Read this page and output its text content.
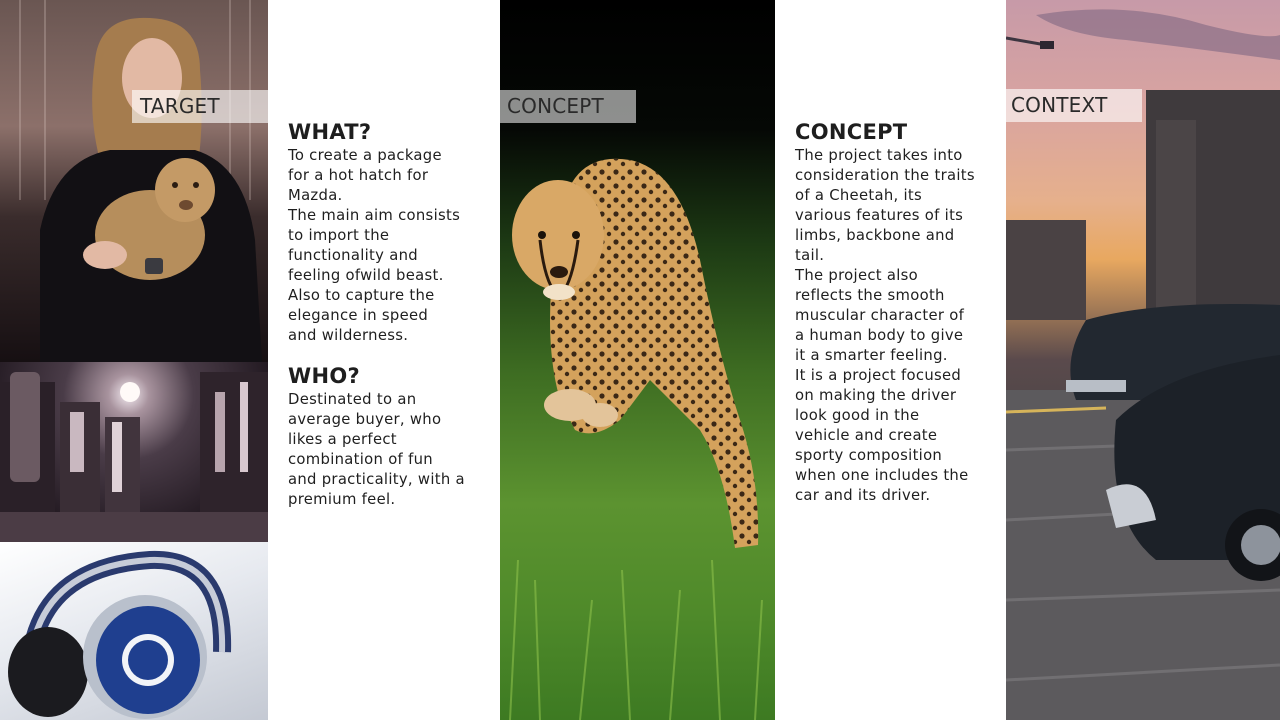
WHAT?

To create a package
for a hot hatch for
Mazda.
The main aim consists
to import the
functionality and
feeling ofwild beast.
Also to capture the
elegance in speed
and wilderness.

WHO?

Destinated to an
average buyer, who
likes a perfect
combination of fun
and practicality, with a
premium feel.

CONCEPT

The project takes into
consideration the traits
of a Cheetah, its
various features of its
limbs, backbone and
tail.
The project also
reflects the smooth
muscular character of
a human body to give
it a smarter feeling.
It is a project focused
on making the driver
look good in the
vehicle and create
sporty composition
when one includes the
car and its driver.

TARGET	CONCEPT	CONTEXT
